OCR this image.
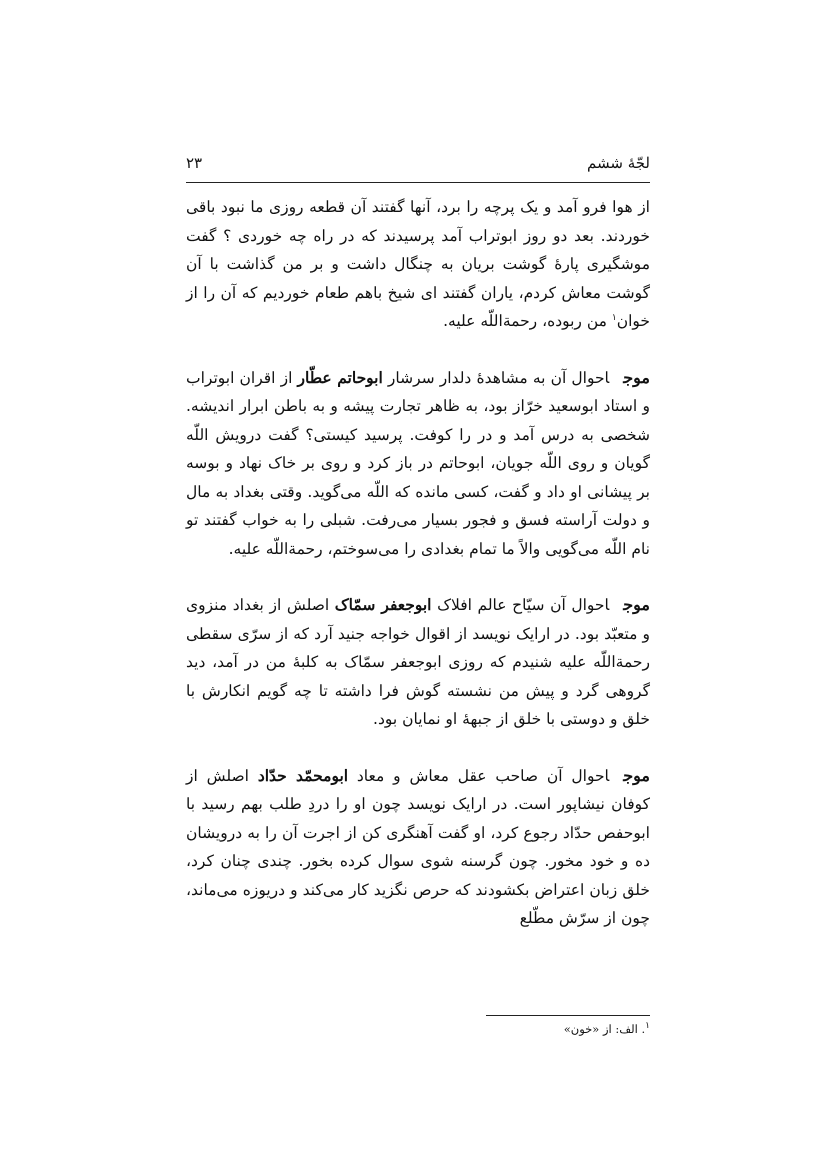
لجّهٔ ششم
۲۳

از هوا فرو آمد و یک پرچه را برد، آنها گفتند آن قطعه روزی ما نبود باقی خوردند. بعد دو روز ابوتراب آمد پرسیدند که در راه چه خوردی ؟ گفت موشگیری پارهٔ گوشت بریان به چنگال داشت و بر من گذاشت با آن گوشت معاش کردم، یاران گفتند ای شیخ باهم طعام خوردیم که آن را از خوان$^۱$ من ربوده، رحمةاللّه علیه.

موجاحوال آن به مشاهدهٔ دلدار سرشار ابوحاتم عطّار از اقران ابوتراب و استاد ابوسعید خرّاز بود، به ظاهر تجارت پیشه و به باطن ابرار اندیشه. شخصی به درس آمد و در را کوفت. پرسید کیستی؟ گفت درویش اللّه گویان و روی اللّه جویان، ابوحاتم در باز کرد و روی بر خاک نهاد و بوسه بر پیشانی او داد و گفت، کسی مانده که اللّه می‌گوید. وقتی بغداد به مال و دولت آراسته فسق و فجور بسیار می‌رفت. شبلی را به خواب گفتند تو نام اللّه می‌گویی والاً ما تمام بغدادی را می‌سوختم، رحمةاللّه علیه.

موجاحوال آن سیّاح عالم افلاک ابوجعفر سمّاک اصلش از بغداد منزوی و متعبّد بود. در ارایک نویسد از اقوال خواجه جنید آرد که از سرّی سقطی رحمةاللّه علیه شنیدم که روزی ابوجعفر سمّاک به کلبهٔ من در آمد، دید گروهی گرد و پیش من نشسته گوش فرا داشته تا چه گویم انکارش با خلق و دوستی با خلق از جبههٔ او نمایان بود.

موجاحوال آن صاحب عقل معاش و معاد ابومحمّد حدّاد اصلش از کوفان نیشاپور است. در ارایک نویسد چون او را دردِ طلب بهم رسید با ابوحفص حدّاد رجوع کرد، او گفت آهنگری کن از اجرت آن را به درویشان ده و خود مخور. چون گرسنه شوی سوال کرده بخور. چندی چنان کرد، خلق زبان اعتراض بکشودند که حرص نگزید کار می‌کند و دریوزه می‌ماند، چون از سرّش مطّلع

$^۱$. الف: از «خون»
